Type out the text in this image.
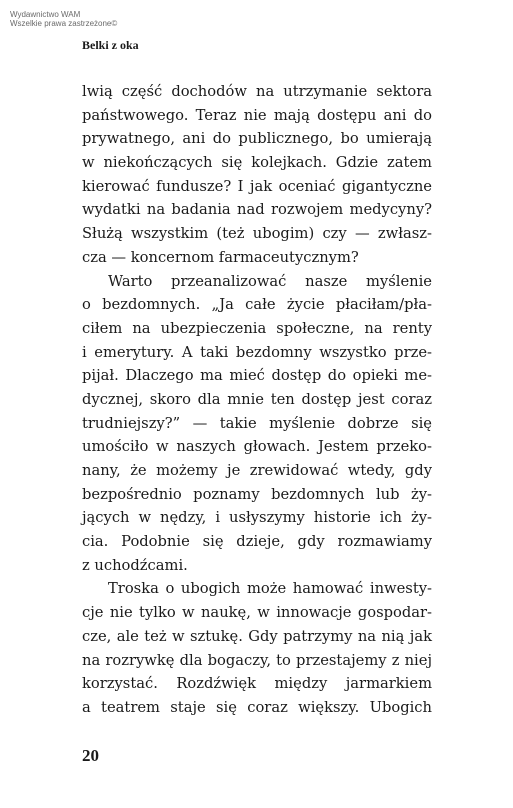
Wydawnictwo WAM
Wszelkie prawa zastrzeżone©
Belki z oka
lwią część dochodów na utrzymanie sektora
państwowego. Teraz nie mają dostępu ani do
prywatnego, ani do publicznego, bo umierają
w niekończących się kolejkach. Gdzie zatem
kierować fundusze? I jak oceniać gigantyczne
wydatki na badania nad rozwojem medycyny?
Służą wszystkim (też ubogim) czy — zwłasz-
cza — koncernom farmaceutycznym?
Warto przeanalizować nasze myślenie
o bezdomnych. „Ja całe życie płaciłam/pła-
ciłem na ubezpieczenia społeczne, na renty
i emerytury. A taki bezdomny wszystko prze-
pijał. Dlaczego ma mieć dostęp do opieki me-
dycznej, skoro dla mnie ten dostęp jest coraz
trudniejszy?” — takie myślenie dobrze się
umościło w naszych głowach. Jestem przeko-
nany, że możemy je zrewidować wtedy, gdy
bezpośrednio poznamy bezdomnych lub ży-
jących w nędzy, i usłyszymy historie ich ży-
cia. Podobnie się dzieje, gdy rozmawiamy
z uchodźcami.
Troska o ubogich może hamować inwesty-
cje nie tylko w naukę, w innowacje gospodar-
cze, ale też w sztukę. Gdy patrzymy na nią jak
na rozrywkę dla bogaczy, to przestajemy z niej
korzystać. Rozdźwięk między jarmarkiem
a teatrem staje się coraz większy. Ubogich
20
